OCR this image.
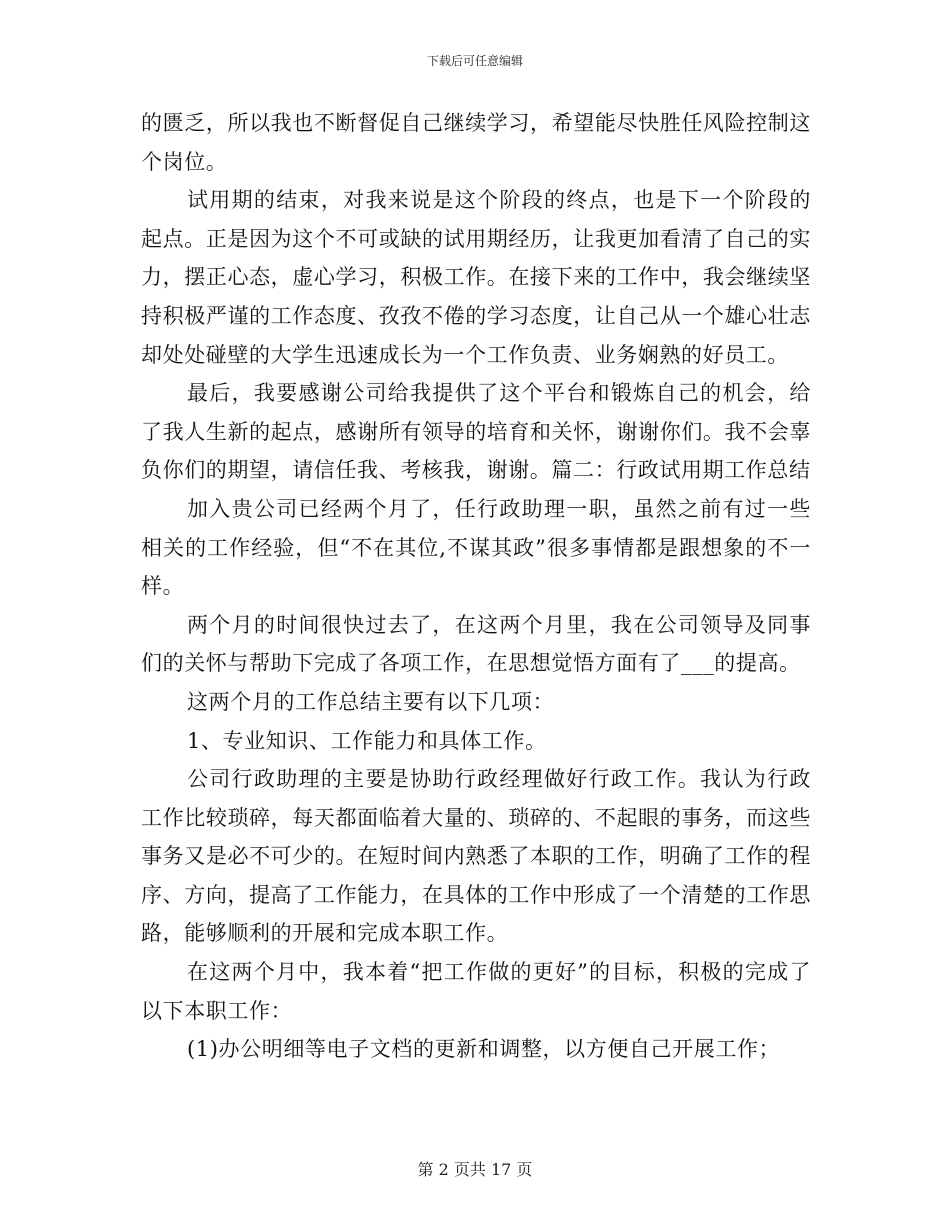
下载后可任意编辑

的匮乏，所以我也不断督促自己继续学习，希望能尽快胜任风险控制这个岗位。

试用期的结束，对我来说是这个阶段的终点，也是下一个阶段的起点。正是因为这个不可或缺的试用期经历，让我更加看清了自己的实力，摆正心态，虚心学习，积极工作。在接下来的工作中，我会继续坚持积极严谨的工作态度、孜孜不倦的学习态度，让自己从一个雄心壮志却处处碰壁的大学生迅速成长为一个工作负责、业务娴熟的好员工。

最后，我要感谢公司给我提供了这个平台和锻炼自己的机会，给了我人生新的起点，感谢所有领导的培育和关怀，谢谢你们。我不会辜负你们的期望，请信任我、考核我，谢谢。篇二：行政试用期工作总结

加入贵公司已经两个月了，任行政助理一职，虽然之前有过一些相关的工作经验，但“不在其位,不谋其政”很多事情都是跟想象的不一样。

两个月的时间很快过去了，在这两个月里，我在公司领导及同事们的关怀与帮助下完成了各项工作，在思想觉悟方面有了___的提高。

这两个月的工作总结主要有以下几项：

1、专业知识、工作能力和具体工作。

公司行政助理的主要是协助行政经理做好行政工作。我认为行政工作比较琐碎，每天都面临着大量的、琐碎的、不起眼的事务，而这些事务又是必不可少的。在短时间内熟悉了本职的工作，明确了工作的程序、方向，提高了工作能力，在具体的工作中形成了一个清楚的工作思路，能够顺利的开展和完成本职工作。

在这两个月中，我本着“把工作做的更好”的目标，积极的完成了以下本职工作：

(1)办公明细等电子文档的更新和调整，以方便自己开展工作；

第 2 页共 17 页
